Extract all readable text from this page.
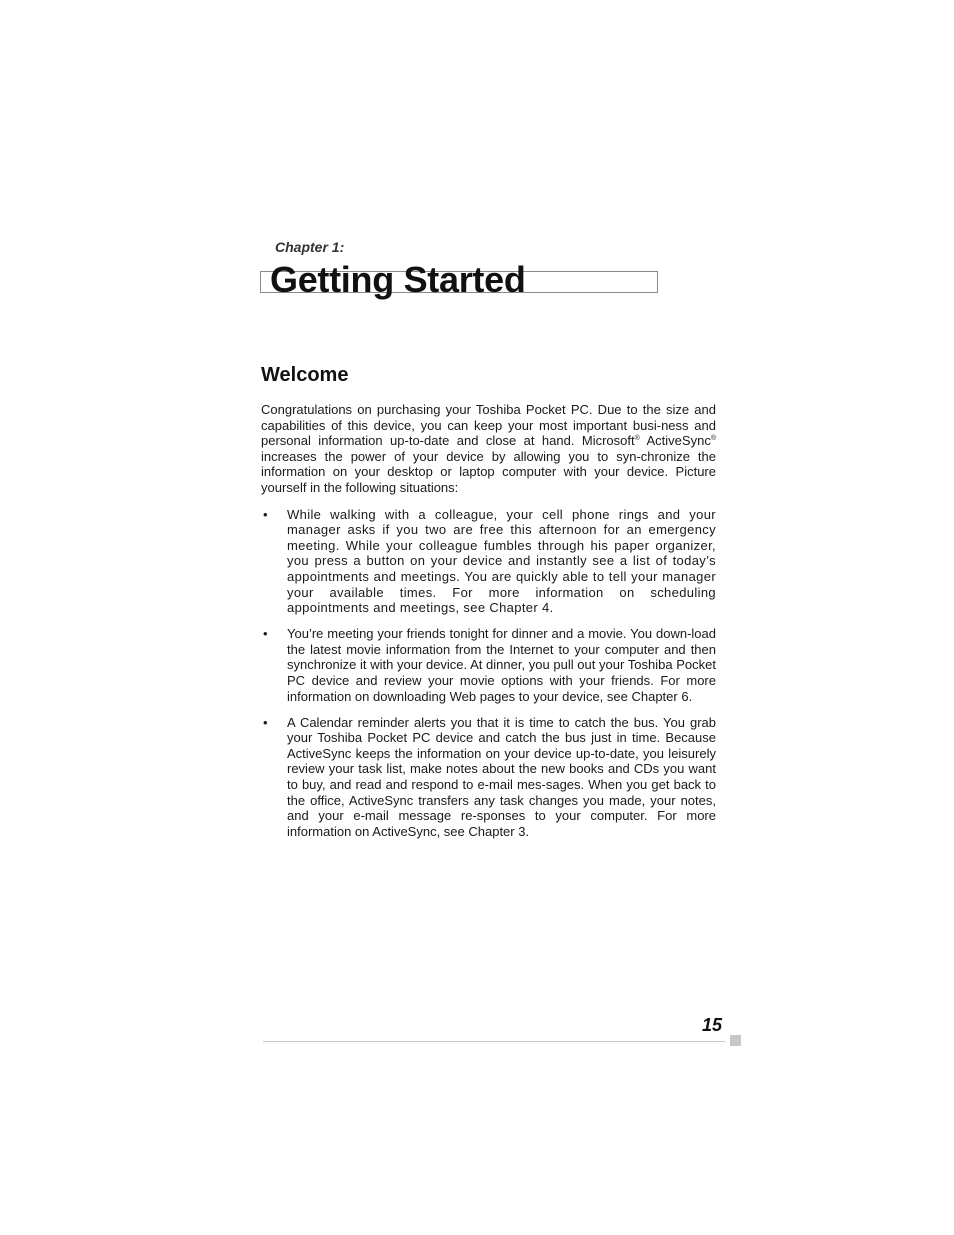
Chapter 1:
Getting Started
Welcome

Congratulations on purchasing your Toshiba Pocket PC. Due to the size and capabilities of this device, you can keep your most important busi-ness and personal information up-to-date and close at hand. Microsoft® ActiveSync® increases the power of your device by allowing you to syn-chronize the information on your desktop or laptop computer with your device. Picture yourself in the following situations:

• While walking with a colleague, your cell phone rings and your manager asks if you two are free this afternoon for an emergency meeting. While your colleague fumbles through his paper organizer, you press a button on your device and instantly see a list of today’s appointments and meetings. You are quickly able to tell your manager your available times. For more information on scheduling appointments and meetings, see Chapter 4.
• You’re meeting your friends tonight for dinner and a movie. You down-load the latest movie information from the Internet to your computer and then synchronize it with your device. At dinner, you pull out your Toshiba Pocket PC device and review your movie options with your friends. For more information on downloading Web pages to your device, see Chapter 6.
• A Calendar reminder alerts you that it is time to catch the bus. You grab your Toshiba Pocket PC device and catch the bus just in time. Because ActiveSync keeps the information on your device up-to-date, you leisurely review your task list, make notes about the new books and CDs you want to buy, and read and respond to e-mail mes-sages. When you get back to the office, ActiveSync transfers any task changes you made, your notes, and your e-mail message re-sponses to your computer. For more information on ActiveSync, see Chapter 3.
15
